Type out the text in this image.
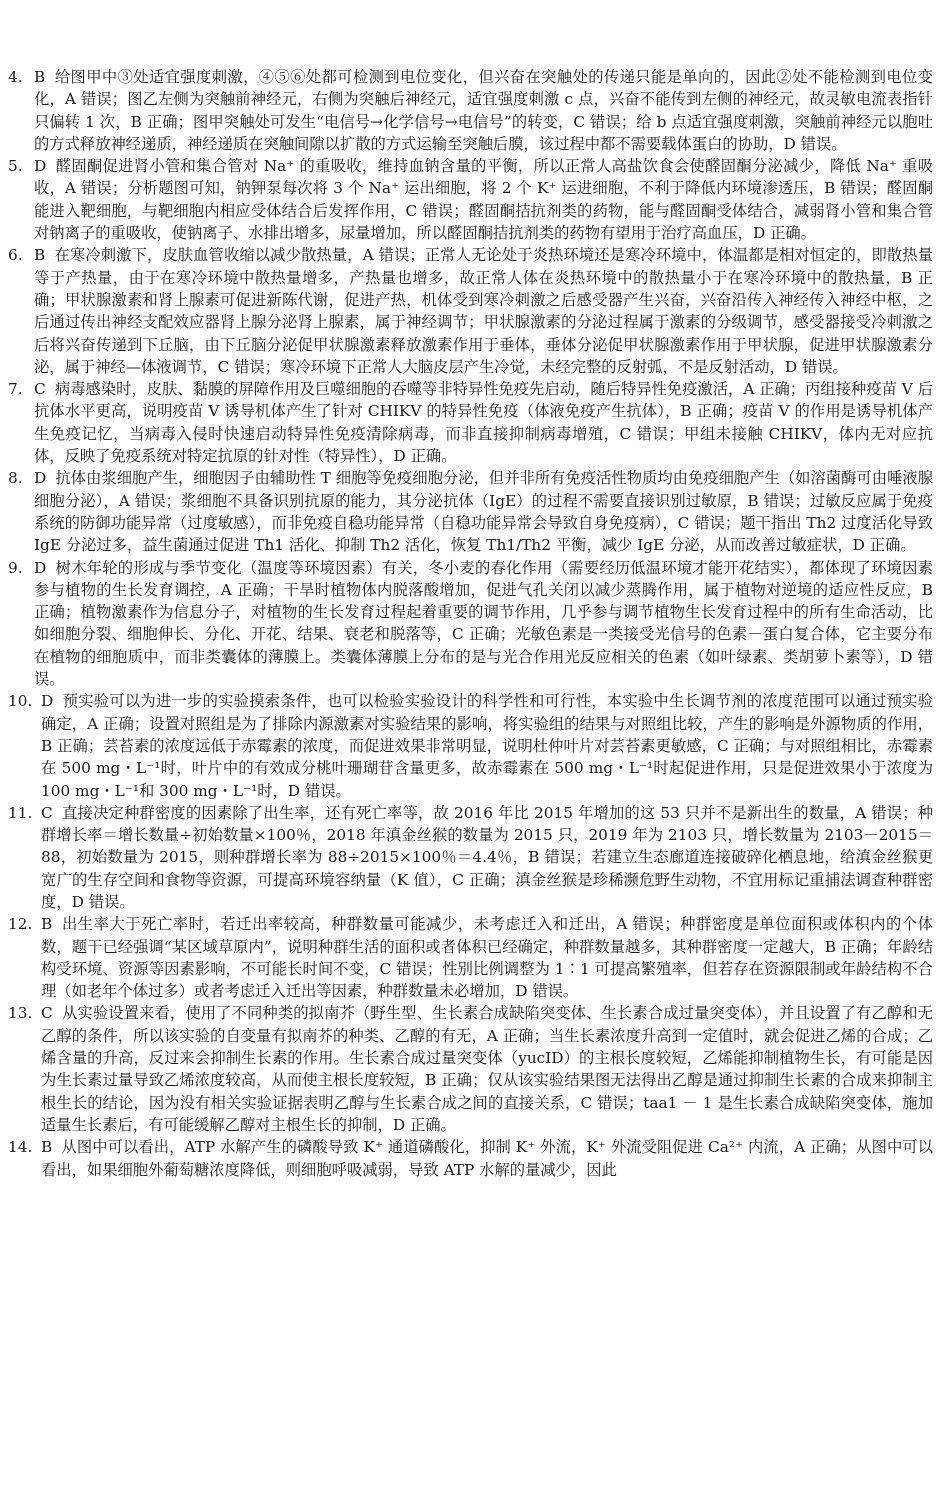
4. B 给图甲中③处适宜强度刺激，④⑤⑥处都可检测到电位变化，但兴奋在突触处的传递只能是单向的，因此②处不能检测到电位变化，A 错误；图乙左侧为突触前神经元，右侧为突触后神经元，适宜强度刺激 c 点，兴奋不能传到左侧的神经元，故灵敏电流表指针只偏转 1 次，B 正确；图甲突触处可发生“电信号→化学信号→电信号”的转变，C 错误；给 b 点适宜强度刺激，突触前神经元以胞吐的方式释放神经递质，神经递质在突触间隙以扩散的方式运输至突触后膜，该过程中都不需要载体蛋白的协助，D 错误。

5. D 醛固酮促进肾小管和集合管对 Na⁺ 的重吸收，维持血钠含量的平衡，所以正常人高盐饮食会使醛固酮分泌减少，降低 Na⁺ 重吸收，A 错误；分析题图可知，钠钾泵每次将 3 个 Na⁺ 运出细胞，将 2 个 K⁺ 运进细胞，不利于降低内环境渗透压，B 错误；醛固酮能进入靶细胞，与靶细胞内相应受体结合后发挥作用，C 错误；醛固酮拮抗剂类的药物，能与醛固酮受体结合，减弱肾小管和集合管对钠离子的重吸收，使钠离子、水排出增多，尿量增加，所以醛固酮拮抗剂类的药物有望用于治疗高血压，D 正确。

6. B 在寒冷刺激下，皮肤血管收缩以减少散热量，A 错误；正常人无论处于炎热环境还是寒冷环境中，体温都是相对恒定的，即散热量等于产热量，由于在寒冷环境中散热量增多，产热量也增多，故正常人体在炎热环境中的散热量小于在寒冷环境中的散热量，B 正确；甲状腺激素和肾上腺素可促进新陈代谢，促进产热，机体受到寒冷刺激之后感受器产生兴奋，兴奋沿传入神经传入神经中枢，之后通过传出神经支配效应器肾上腺分泌肾上腺素，属于神经调节；甲状腺激素的分泌过程属于激素的分级调节，感受器接受冷刺激之后将兴奋传递到下丘脑，由下丘脑分泌促甲状腺激素释放激素作用于垂体，垂体分泌促甲状腺激素作用于甲状腺，促进甲状腺激素分泌，属于神经—体液调节，C 错误；寒冷环境下正常人大脑皮层产生冷觉，未经完整的反射弧，不是反射活动，D 错误。

7. C 病毒感染时，皮肤、黏膜的屏障作用及巨噬细胞的吞噬等非特异性免疫先启动，随后特异性免疫激活，A 正确；丙组接种疫苗 V 后抗体水平更高，说明疫苗 V 诱导机体产生了针对 CHIKV 的特异性免疫（体液免疫产生抗体），B 正确；疫苗 V 的作用是诱导机体产生免疫记忆，当病毒入侵时快速启动特异性免疫清除病毒，而非直接抑制病毒增殖，C 错误；甲组未接触 CHIKV，体内无对应抗体，反映了免疫系统对特定抗原的针对性（特异性），D 正确。

8. D 抗体由浆细胞产生，细胞因子由辅助性 T 细胞等免疫细胞分泌，但并非所有免疫活性物质均由免疫细胞产生（如溶菌酶可由唾液腺细胞分泌），A 错误；浆细胞不具备识别抗原的能力，其分泌抗体（IgE）的过程不需要直接识别过敏原，B 错误；过敏反应属于免疫系统的防御功能异常（过度敏感），而非免疫自稳功能异常（自稳功能异常会导致自身免疫病），C 错误；题干指出 Th2 过度活化导致 IgE 分泌过多，益生菌通过促进 Th1 活化、抑制 Th2 活化，恢复 Th1/Th2 平衡，减少 IgE 分泌，从而改善过敏症状，D 正确。

9. D 树木年轮的形成与季节变化（温度等环境因素）有关，冬小麦的春化作用（需要经历低温环境才能开花结实），都体现了环境因素参与植物的生长发育调控，A 正确；干旱时植物体内脱落酸增加，促进气孔关闭以减少蒸腾作用，属于植物对逆境的适应性反应，B 正确；植物激素作为信息分子，对植物的生长发育过程起着重要的调节作用，几乎参与调节植物生长发育过程中的所有生命活动，比如细胞分裂、细胞伸长、分化、开花、结果、衰老和脱落等，C 正确；光敏色素是一类接受光信号的色素－蛋白复合体，它主要分布在植物的细胞质中，而非类囊体的薄膜上。类囊体薄膜上分布的是与光合作用光反应相关的色素（如叶绿素、类胡萝卜素等），D 错误。

10. D 预实验可以为进一步的实验摸索条件，也可以检验实验设计的科学性和可行性，本实验中生长调节剂的浓度范围可以通过预实验确定，A 正确；设置对照组是为了排除内源激素对实验结果的影响，将实验组的结果与对照组比较，产生的影响是外源物质的作用，B 正确；芸苔素的浓度远低于赤霉素的浓度，而促进效果非常明显，说明杜仲叶片对芸苔素更敏感，C 正确；与对照组相比，赤霉素在 500 mg・L⁻¹时，叶片中的有效成分桃叶珊瑚苷含量更多，故赤霉素在 500 mg・L⁻¹时起促进作用，只是促进效果小于浓度为 100 mg・L⁻¹和 300 mg・L⁻¹时，D 错误。

11. C 直接决定种群密度的因素除了出生率，还有死亡率等，故 2016 年比 2015 年增加的这 53 只并不是新出生的数量，A 错误；种群增长率＝增长数量÷初始数量×100％，2018 年滇金丝猴的数量为 2015 只，2019 年为 2103 只，增长数量为 2103－2015＝88，初始数量为 2015，则种群增长率为 88÷2015×100％＝4.4％，B 错误；若建立生态廊道连接破碎化栖息地，给滇金丝猴更宽广的生存空间和食物等资源，可提高环境容纳量（K 值），C 正确；滇金丝猴是珍稀濒危野生动物，不宜用标记重捕法调查种群密度，D 错误。

12. B 出生率大于死亡率时，若迁出率较高，种群数量可能减少，未考虑迁入和迁出，A 错误；种群密度是单位面积或体积内的个体数，题干已经强调“某区域草原内”，说明种群生活的面积或者体积已经确定，种群数量越多，其种群密度一定越大，B 正确；年龄结构受环境、资源等因素影响，不可能长时间不变，C 错误；性别比例调整为 1∶1 可提高繁殖率，但若存在资源限制或年龄结构不合理（如老年个体过多）或者考虑迁入迁出等因素，种群数量未必增加，D 错误。

13. C 从实验设置来看，使用了不同种类的拟南芥（野生型、生长素合成缺陷突变体、生长素合成过量突变体），并且设置了有乙醇和无乙醇的条件，所以该实验的自变量有拟南芥的种类、乙醇的有无，A 正确；当生长素浓度升高到一定值时，就会促进乙烯的合成；乙烯含量的升高，反过来会抑制生长素的作用。生长素合成过量突变体（yucID）的主根长度较短，乙烯能抑制植物生长，有可能是因为生长素过量导致乙烯浓度较高，从而使主根长度较短，B 正确；仅从该实验结果图无法得出乙醇是通过抑制生长素的合成来抑制主根生长的结论，因为没有相关实验证据表明乙醇与生长素合成之间的直接关系，C 错误；taa1 － 1 是生长素合成缺陷突变体，施加适量生长素后，有可能缓解乙醇对主根生长的抑制，D 正确。

14. B 从图中可以看出，ATP 水解产生的磷酸导致 K⁺ 通道磷酸化，抑制 K⁺ 外流，K⁺ 外流受阻促进 Ca²⁺ 内流，A 正确；从图中可以看出，如果细胞外葡萄糖浓度降低，则细胞呼吸减弱，导致 ATP 水解的量减少，因此
